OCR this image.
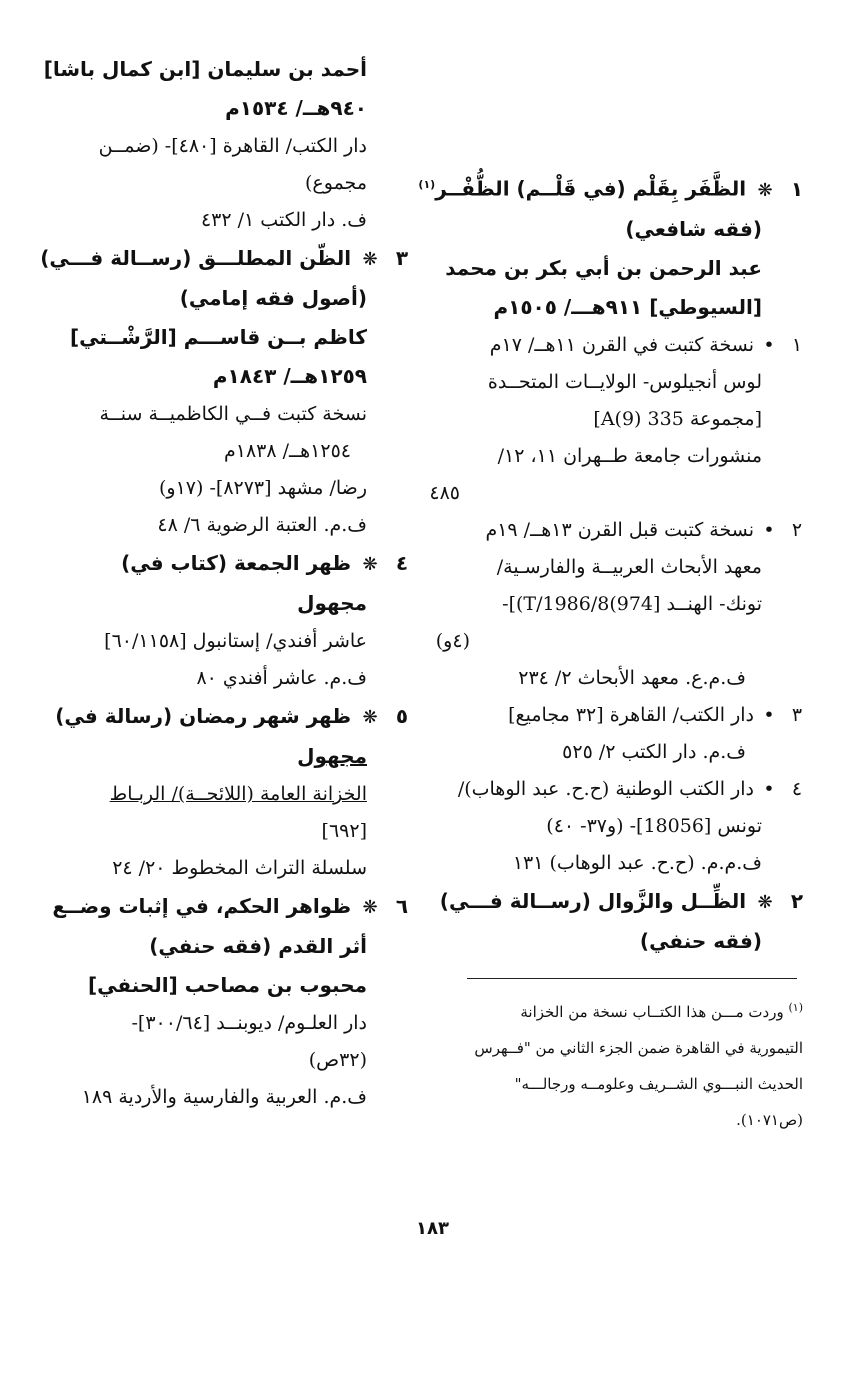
١ ❋ الظَّفَر بِقَلْم (في قَلْــم) الظُّفْــر$^{(١)}$
(فقه شافعي)
عبد الرحمن بن أبي بكر بن محمد
[السيوطي] ٩١١هـــ/ ١٥٠٥م
١•نسخة كتبت في القرن ١١هــ/ ١٧م
لوس أنجيلوس- الولايــات المتحــدة
[مجموعة 335 A(9)]
منشورات جامعة طــهران ١١، ١٢/
٤٨٥
٢•نسخة كتبت قبل القرن ١٣هــ/ ١٩م
معهد الأبحاث العربيــة والفارسـية/
تونك- الهنــد [974)T/1986/8)]-
(٤و)
ف.م.ع. معهد الأبحاث ٢/ ٢٣٤
٣•دار الكتب/ القاهرة [٣٢ مجاميع]
ف.م. دار الكتب ٢/ ٥٢٥
٤•دار الكتب الوطنية (ح.ح. عبد الوهاب)/
تونس [18056]- (و٣٧- ٤٠)
ف.م.م. (ح.ح. عبد الوهاب) ١٣١
٢ ❋ الظِّــل والزَّوال (رســالة فـــي)
(فقه حنفي)
أحمد بن سليمان [ابن كمال باشا]
٩٤٠هــ/ ١٥٣٤م
دار الكتب/ القاهرة [٤٨٠]- (ضمــن
مجموع)
ف. دار الكتب ١/ ٤٣٢
٣ ❋ الظّن المطلـــق (رســالة فـــي)
(أصول فقه إمامي)
كاظم بــن قاســـم [الرَّشْــتي]
١٢٥٩هــ/ ١٨٤٣م
نسخة كتبت فــي الكاظميــة سنــة
١٢٥٤هــ/ ١٨٣٨م
رضا/ مشهد [٨٢٧٣]- (١٧و)
ف.م. العتبة الرضوية ٦/ ٤٨
٤ ❋ ظهر الجمعة (كتاب في)
مجهول
عاشر أفندي/ إستانبول [٦٠/١١٥٨]
ف.م. عاشر أفندي ٨٠
٥ ❋ ظهر شهر رمضان (رسالة في)
مجهول
الخزانة العامة (اللائحــة)/ الربـاط
[٦٩٢]
سلسلة التراث المخطوط ٢٠/ ٢٤
٦ ❋ ظواهر الحكم، في إثبات وضــع
أثر القدم (فقه حنفي)
محبوب بن مصاحب [الحنفي]
دار العلـوم/ ديوبنــد [٣٠٠/٦٤]-
(٣٢ص)
ف.م. العربية والفارسية والأردية ١٨٩
$^{(١)}$ وردت مـــن هذا الكتــاب نسخة من الخزانة
التيمورية في القاهرة ضمن الجزء الثاني من "فــهرس
الحديث النبـــوي الشــريف وعلومــه ورجالـــه"
(ص١٠٧١).
١٨٣
